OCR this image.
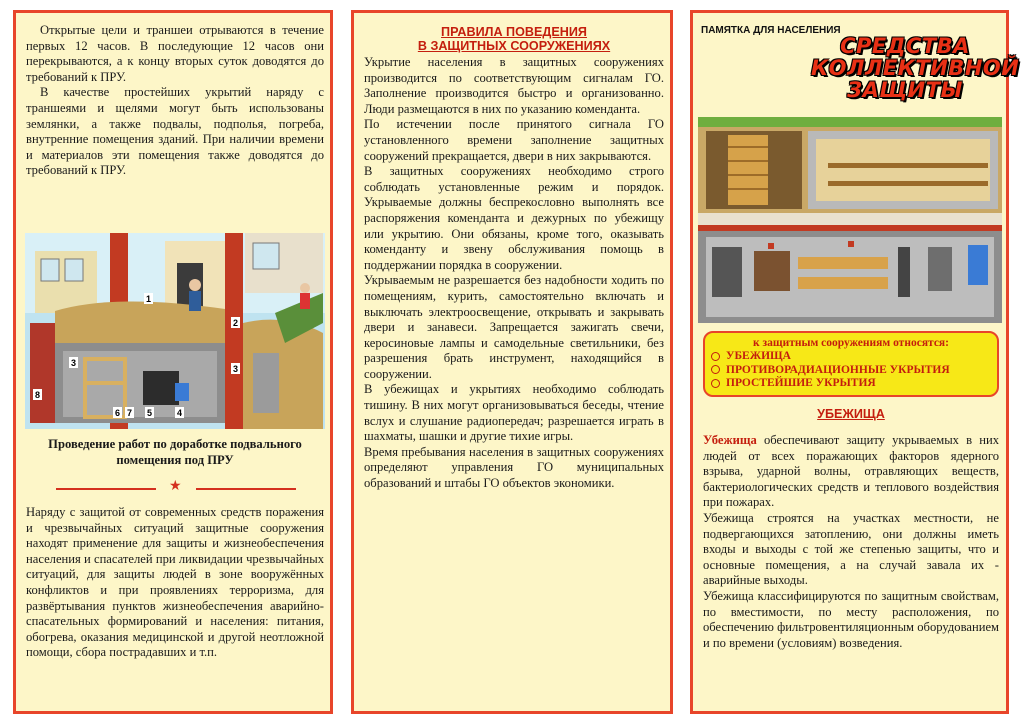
Открытые цели и траншеи отрываются в течение первых 12 часов. В последующие 12 часов они перекрываются, а к концу вторых суток доводятся до требований к ПРУ.

В качестве простейших укрытий наряду с траншеями и щелями могут быть использованы землянки, а также подвалы, подполья, погреба, внутренние помещения зданий. При наличии времени и материалов эти помещения также доводятся до требований к ПРУ.

1
2
3
3
4
5
6 7
8
Проведение работ по доработке подвального помещения под ПРУ
★

Наряду с защитой от современных средств поражения и чрезвычайных ситуаций защитные сооружения находят применение для защиты и жизнеобеспечения населения и спасателей при ликвидации чрезвычайных ситуаций, для защиты людей в зоне вооружённых конфликтов и при проявлениях терроризма, для развёртывания пунктов жизнеобеспечения аварийно-спасательных формирований и населения: питания, обогрева, оказания медицинской и другой неотложной помощи, сбора пострадавших и т.п.

ПРАВИЛА ПОВЕДЕНИЯ
В ЗАЩИТНЫХ СООРУЖЕНИЯХ

Укрытие населения в защитных сооружениях производится по соответствующим сигналам ГО. Заполнение производится быстро и организованно. Люди размещаются в них по указанию коменданта.

По истечении после принятого сигнала ГО установленного времени заполнение защитных сооружений прекращается, двери в них закрываются.

В защитных сооружениях необходимо строго соблюдать установленные режим и порядок. Укрываемые должны беспрекословно выполнять все распоряжения коменданта и дежурных по убежищу или укрытию. Они обязаны, кроме того, оказывать коменданту и звену обслуживания помощь в поддержании порядка в сооружении.

Укрываемым не разрешается без надобности ходить по помещениям, курить, самостоятельно включать и выключать электроосвещение, открывать и закрывать двери и занавеси. Запрещается зажигать свечи, керосиновые лампы и самодельные светильники, без разрешения брать инструмент, находящийся в сооружении.

В убежищах и укрытиях необходимо соблюдать тишину. В них могут организовываться беседы, чтение вслух и слушание радиопередач; разрешается играть в шахматы, шашки и другие тихие игры.

Время пребывания населения в защитных сооружениях определяют управления ГО муниципальных образований и штабы ГО объектов экономики.

ПАМЯТКА ДЛЯ НАСЕЛЕНИЯ
СРЕДСТВА
КОЛЛЕКТИВНОЙ
ЗАЩИТЫ
к защитным сооружениям относятся:
УБЕЖИЩА
ПРОТИВОРАДИАЦИОННЫЕ УКРЫТИЯ
ПРОСТЕЙШИЕ УКРЫТИЯ
УБЕЖИЩА

Убежища обеспечивают защиту укрываемых в них людей от всех поражающих факторов ядерного взрыва, ударной волны, отравляющих веществ, бактериологических средств и теплового воздействия при пожарах.

Убежища строятся на участках местности, не подвергающихся затоплению, они должны иметь входы и выходы с той же степенью защиты, что и основные помещения, а на случай завала их - аварийные выходы.

Убежища классифицируются по защитным свойствам, по вместимости, по месту расположения, по обеспечению фильтровентиляционным оборудованием и по времени (условиям) возведения.
